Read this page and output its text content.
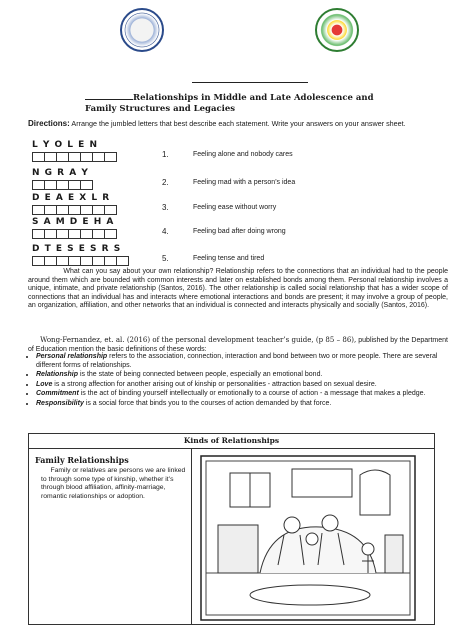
Relationships in Middle and Late Adolescence and Family Structures and Legacies
Directions: Arrange the jumbled letters that best describe each statement. Write your answers on your answer sheet.
L Y O L E N
1.	Feeling alone and nobody cares
N G R A Y
2.	Feeling mad with a person’s idea
D E A E X L R
3.	Feeling ease without worry
S A M D E H A
4.	Feeling bad after doing wrong
D T E S E S R S
5.	Feeling tense and tired
What can you say about your own relationship? Relationship refers to the connections that an individual had to the people around them which are bounded with common interests and later on established bonds among them. Personal relationship involves a unique, intimate, and private relationship (Santos, 2016). The other relationship is called social relationship that has a wider scope of connections that an individual has and interacts where emotional interactions and bonds are present; it may involve a group of people, an organization, affiliation, and other networks that an individual is connected and interacts physically and socially (Santos, 2016).
Wong-Fernandez, et. al. (2016) of the personal development teacher’s guide, (p 85 – 86), published by the Department of Education mention the basic definitions of these words:
• Personal relationship refers to the association, connection, interaction and bond between two or more people. There are several different forms of relationships.
• Relationship is the state of being connected between people, especially an emotional bond.
• Love is a strong affection for another arising out of kinship or personalities - attraction based on sexual desire.
• Commitment is the act of binding yourself intellectually or emotionally to a course of action - a message that makes a pledge.
• Responsibility is a social force that binds you to the courses of action demanded by that force.
Kinds of Relationships
Family Relationships
Family or relatives are persons we are linked to through some type of kinship, whether it’s through blood affiliation, affinity-marriage, romantic relationships or adoption.
